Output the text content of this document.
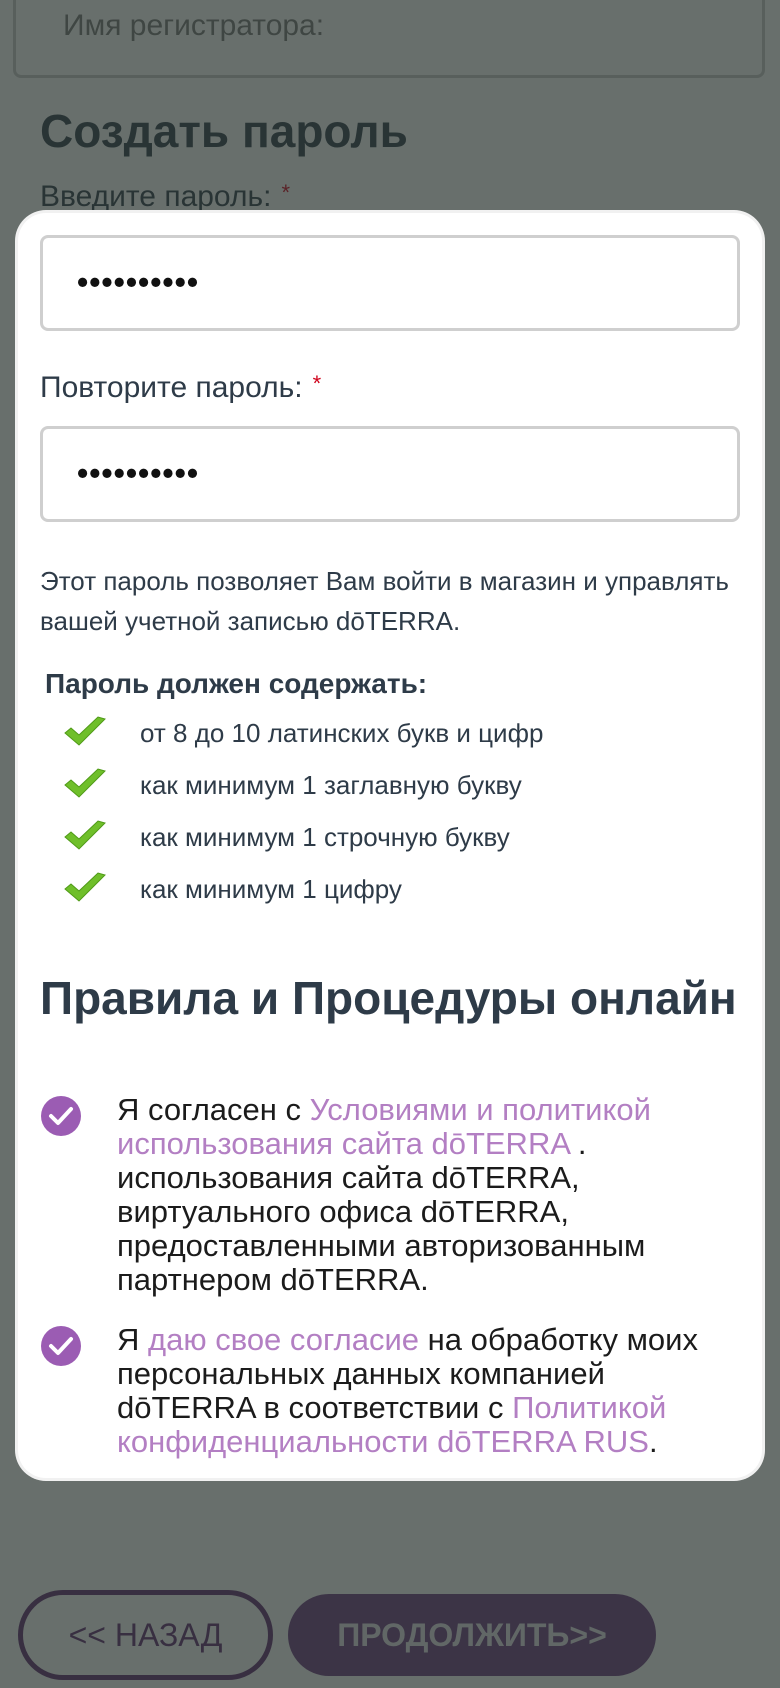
••••••••••
Повторите пароль: *
••••••••••
Этот пароль позволяет Вам войти в магазин и управлять вашей учетной записью dōTERRA.
Пароль должен содержать:
от 8 до 10 латинских букв и цифр
как минимум 1 заглавную букву
как минимум 1 строчную букву
как минимум 1 цифру
Правила и Процедуры онлайн
Я согласен с Условиями и политикой использования сайта dōTERRA . использования сайта dōTERRA, виртуального офиса dōTERRA, предоставленными авторизованным партнером dōTERRA.
Я даю свое согласие на обработку моих персональных данных компанией dōTERRA в соответствии с Политикой конфиденциальности dōTERRA RUS.
